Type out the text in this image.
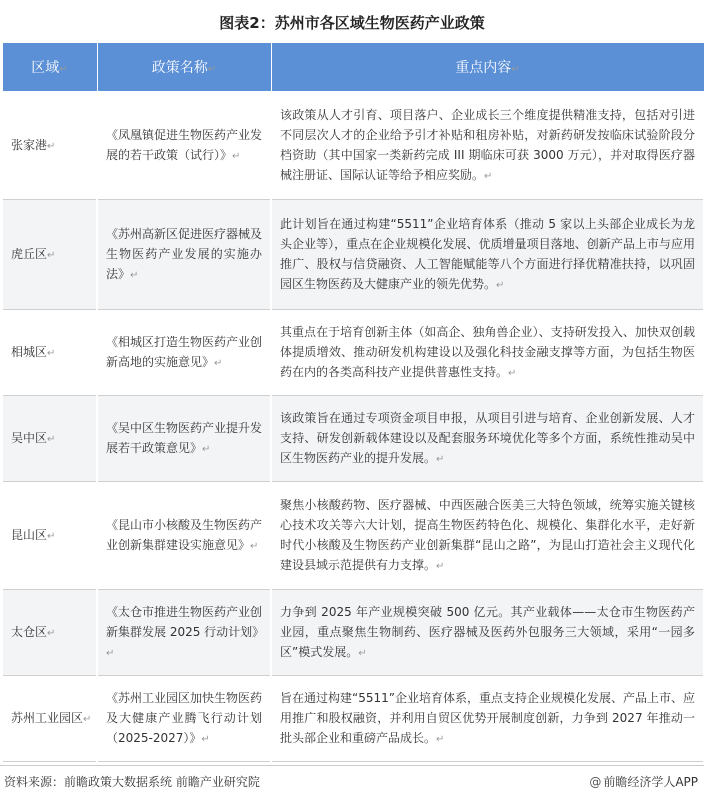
图表2：苏州市各区域生物医药产业政策
区域↵	政策名称↵	重点内容↵
张家港↵	《凤凰镇促进生物医药产业发展的若干政策（试行）》↵	该政策从人才引育、项目落户、企业成长三个维度提供精准支持，包括对引进不同层次人才的企业给予引才补贴和租房补贴，对新药研发按临床试验阶段分档资助（其中国家一类新药完成 III 期临床可获 3000 万元），并对取得医疗器械注册证、国际认证等给予相应奖励。↵
虎丘区↵	《苏州高新区促进医疗器械及生物医药产业发展的实施办法》↵	此计划旨在通过构建“5511”企业培育体系（推动 5 家以上头部企业成长为龙头企业等），重点在企业规模化发展、优质增量项目落地、创新产品上市与应用推广、股权与信贷融资、人工智能赋能等八个方面进行择优精准扶持，以巩固园区生物医药及大健康产业的领先优势。↵
相城区↵	《相城区打造生物医药产业创新高地的实施意见》↵	其重点在于培育创新主体（如高企、独角兽企业）、支持研发投入、加快双创载体提质增效、推动研发机构建设以及强化科技金融支撑等方面，为包括生物医药在内的各类高科技产业提供普惠性支持。↵
吴中区↵	《吴中区生物医药产业提升发展若干政策意见》↵	该政策旨在通过专项资金项目申报，从项目引进与培育、企业创新发展、人才支持、研发创新载体建设以及配套服务环境优化等多个方面，系统性推动吴中区生物医药产业的提升发展。↵
昆山区↵	《昆山市小核酸及生物医药产业创新集群建设实施意见》↵	聚焦小核酸药物、医疗器械、中西医融合医美三大特色领域，统筹实施关键核心技术攻关等六大计划，提高生物医药特色化、规模化、集群化水平，走好新时代小核酸及生物医药产业创新集群“昆山之路”，为昆山打造社会主义现代化建设县域示范提供有力支撑。↵
太仓区↵	《太仓市推进生物医药产业创新集群发展 2025 行动计划》↵	力争到 2025 年产业规模突破 500 亿元。其产业载体——太仓市生物医药产业园，重点聚焦生物制药、医疗器械及医药外包服务三大领域，采用“一园多区”模式发展。↵
苏州工业园区↵	《苏州工业园区加快生物医药及大健康产业腾飞行动计划（2025-2027）》↵	旨在通过构建“5511”企业培育体系，重点支持企业规模化发展、产品上市、应用推广和股权融资，并利用自贸区优势开展制度创新，力争到 2027 年推动一批头部企业和重磅产品成长。↵
资料来源：前瞻政策大数据系统 前瞻产业研究院	@ 前瞻经济学人APP
